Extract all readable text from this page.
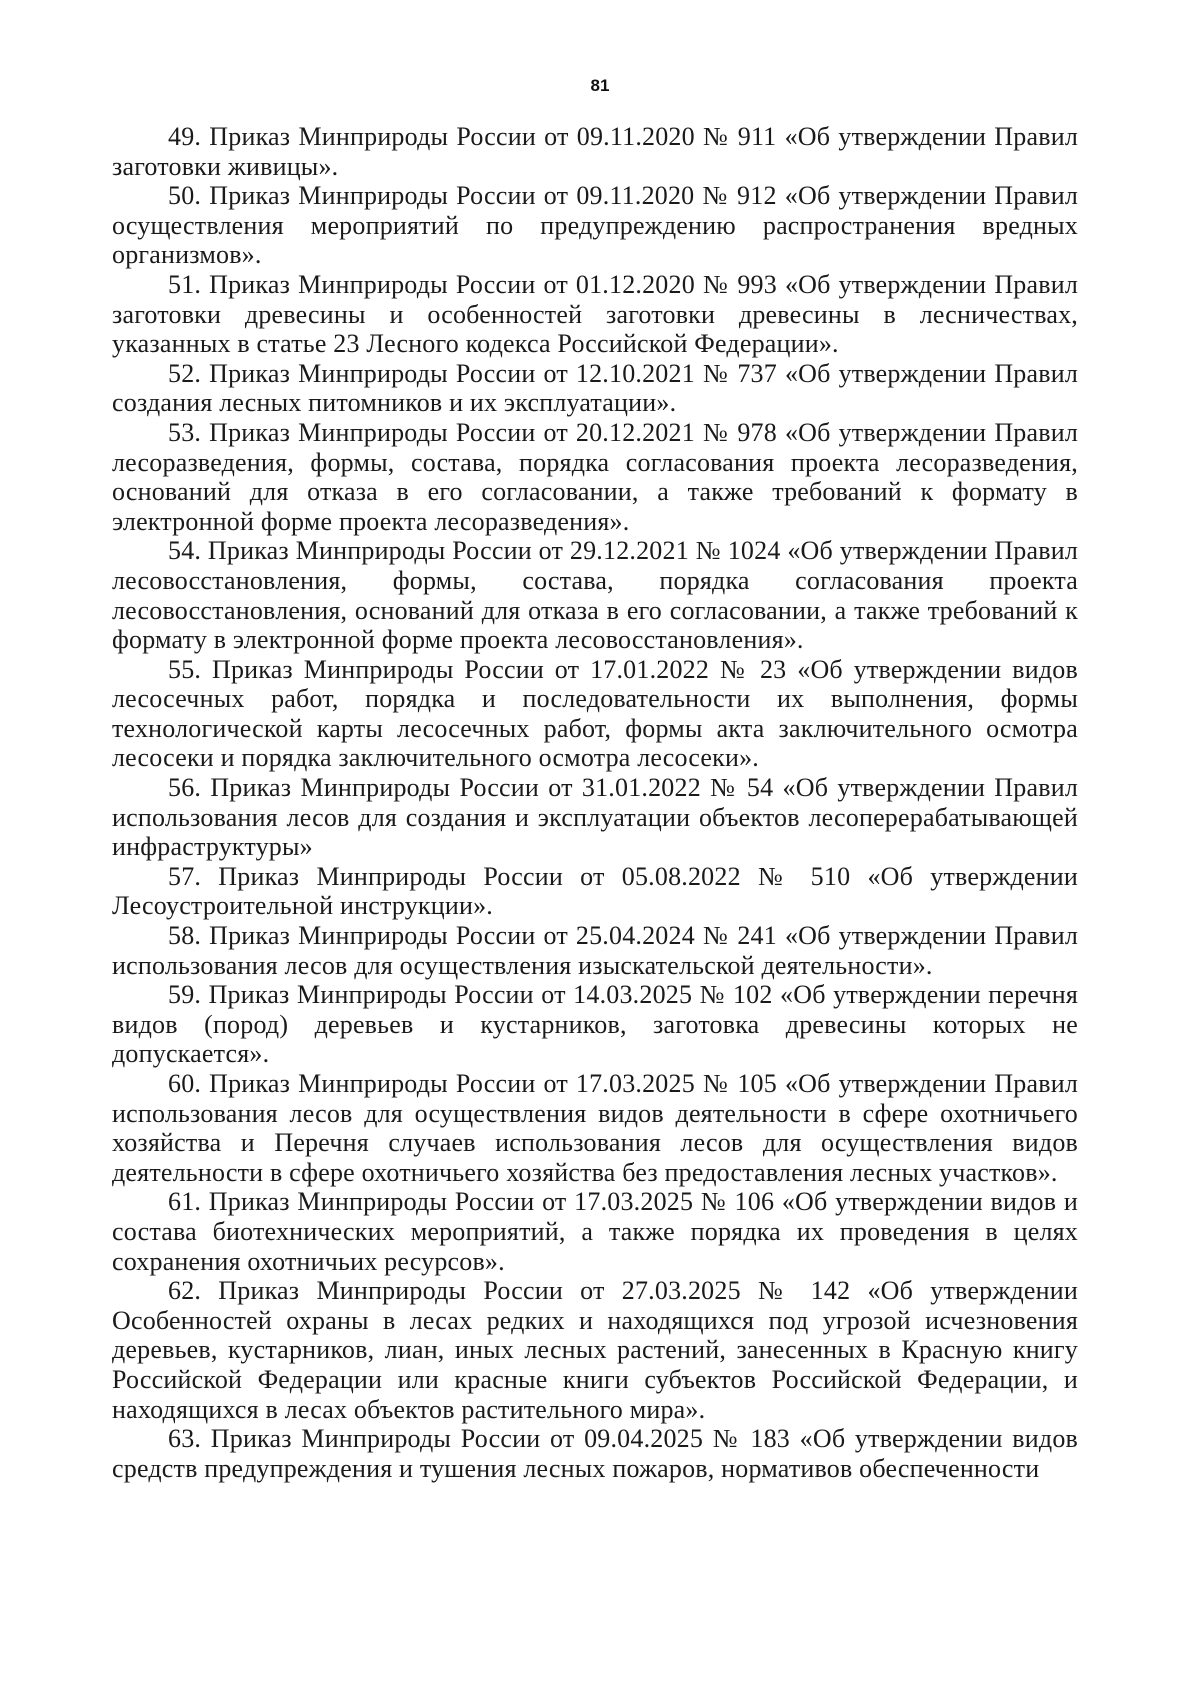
81

49. Приказ Минприроды России от 09.11.2020 № 911 «Об утверждении Правил заготовки живицы».

50. Приказ Минприроды России от 09.11.2020 № 912 «Об утверждении Правил осуществления мероприятий по предупреждению распространения вредных организмов».

51. Приказ Минприроды России от 01.12.2020 № 993 «Об утверждении Правил заготовки древесины и особенностей заготовки древесины в лесничествах, указанных в статье 23 Лесного кодекса Российской Федерации».

52. Приказ Минприроды России от 12.10.2021 № 737 «Об утверждении Правил создания лесных питомников и их эксплуатации».

53. Приказ Минприроды России от 20.12.2021 № 978 «Об утверждении Правил лесоразведения, формы, состава, порядка согласования проекта лесоразведения, оснований для отказа в его согласовании, а также требований к формату в электронной форме проекта лесоразведения».

54. Приказ Минприроды России от 29.12.2021 № 1024 «Об утверждении Правил лесовосстановления, формы, состава, порядка согласования проекта лесовосстановления, оснований для отказа в его согласовании, а также требований к формату в электронной форме проекта лесовосстановления».

55. Приказ Минприроды России от 17.01.2022 № 23 «Об утверждении видов лесосечных работ, порядка и последовательности их выполнения, формы технологической карты лесосечных работ, формы акта заключительного осмотра лесосеки и порядка заключительного осмотра лесосеки».

56. Приказ Минприроды России от 31.01.2022 № 54 «Об утверждении Правил использования лесов для создания и эксплуатации объектов лесоперерабатывающей инфраструктуры»

57. Приказ Минприроды России от 05.08.2022 № 510 «Об утверждении Лесоустроительной инструкции».

58. Приказ Минприроды России от 25.04.2024 № 241 «Об утверждении Правил использования лесов для осуществления изыскательской деятельности».

59. Приказ Минприроды России от 14.03.2025 № 102 «Об утверждении перечня видов (пород) деревьев и кустарников, заготовка древесины которых не допускается».

60. Приказ Минприроды России от 17.03.2025 № 105 «Об утверждении Правил использования лесов для осуществления видов деятельности в сфере охотничьего хозяйства и Перечня случаев использования лесов для осуществления видов деятельности в сфере охотничьего хозяйства без предоставления лесных участков».

61. Приказ Минприроды России от 17.03.2025 № 106 «Об утверждении видов и состава биотехнических мероприятий, а также порядка их проведения в целях сохранения охотничьих ресурсов».

62. Приказ Минприроды России от 27.03.2025 № 142 «Об утверждении Особенностей охраны в лесах редких и находящихся под угрозой исчезновения деревьев, кустарников, лиан, иных лесных растений, занесенных в Красную книгу Российской Федерации или красные книги субъектов Российской Федерации, и находящихся в лесах объектов растительного мира».

63. Приказ Минприроды России от 09.04.2025 № 183 «Об утверждении видов средств предупреждения и тушения лесных пожаров, нормативов обеспеченности
